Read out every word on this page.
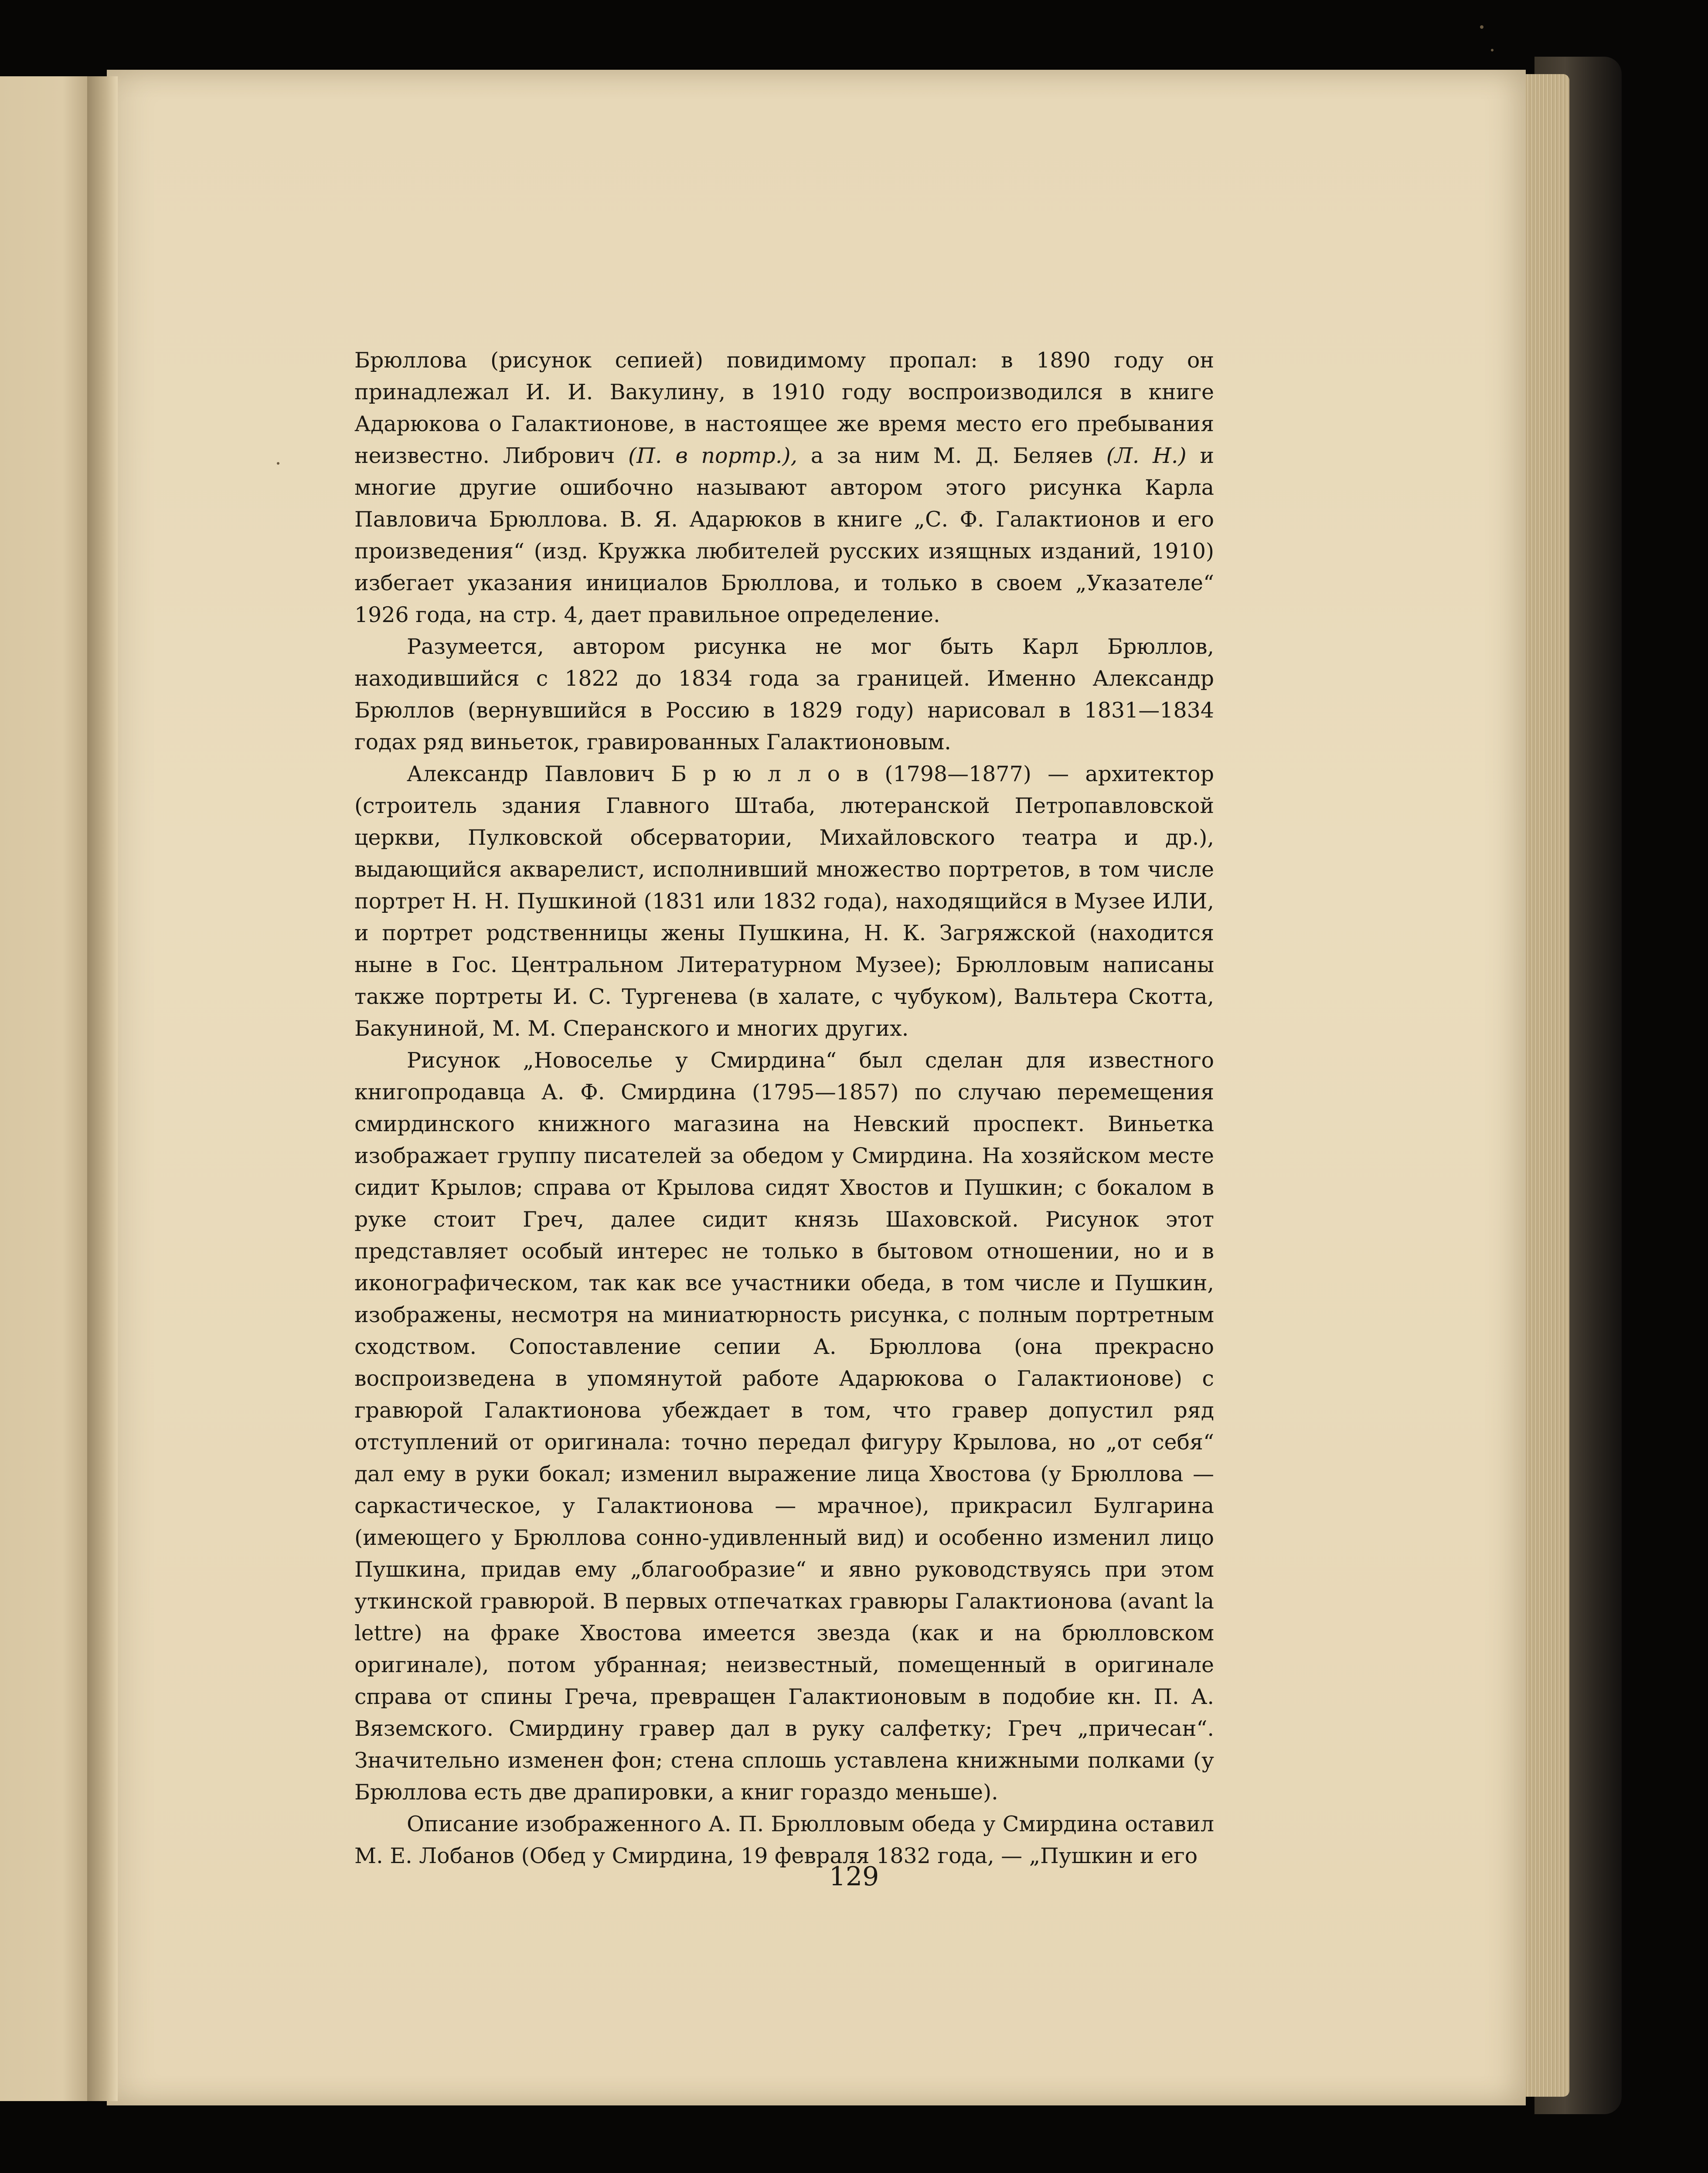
Брюллова (рисунок сепией) повидимому пропал: в 1890 году он принадлежал И. И. Вакулину, в 1910 году воспроизводился в книге Адарюкова о Галактионове, в настоящее же время место его пребывания неизвестно. Либрович (П. в портр.), а за ним М. Д. Беляев (Л. Н.) и многие другие ошибочно называют автором этого рисунка Карла Павловича Брюллова. В. Я. Адарюков в книге „С. Ф. Галактионов и его произведения“ (изд. Кружка любителей русских изящных изданий, 1910) избегает указания инициалов Брюллова, и только в своем „Указателе“ 1926 года, на стр. 4, дает правильное определение.

Разумеется, автором рисунка не мог быть Карл Брюллов, находившийся с 1822 до 1834 года за границей. Именно Александр Брюллов (вернувшийся в Россию в 1829 году) нарисовал в 1831—1834 годах ряд виньеток, гравированных Галактионовым.

Александр Павлович Б р ю л л о в (1798—1877) — архитектор (строитель здания Главного Штаба, лютеранской Петропавловской церкви, Пулковской обсерватории, Михайловского театра и др.), выдающийся акварелист, исполнивший множество портретов, в том числе портрет Н. Н. Пушкиной (1831 или 1832 года), находящийся в Музее ИЛИ, и портрет родственницы жены Пушкина, Н. К. Загряжской (находится ныне в Гос. Центральном Литературном Музее); Брюлловым написаны также портреты И. С. Тургенева (в халате, с чубуком), Вальтера Скотта, Бакуниной, М. М. Сперанского и многих других.

Рисунок „Новоселье у Смирдина“ был сделан для известного книгопродавца А. Ф. Смирдина (1795—1857) по случаю перемещения смирдинского книжного магазина на Невский проспект. Виньетка изображает группу писателей за обедом у Смирдина. На хозяйском месте сидит Крылов; справа от Крылова сидят Хвостов и Пушкин; с бокалом в руке стоит Греч, далее сидит князь Шаховской. Рисунок этот представляет особый интерес не только в бытовом отношении, но и в иконографическом, так как все участники обеда, в том числе и Пушкин, изображены, несмотря на миниатюрность рисунка, с полным портретным сходством. Сопоставление сепии А. Брюллова (она прекрасно воспроизведена в упомянутой работе Адарюкова о Галактионове) с гравюрой Галактионова убеждает в том, что гравер допустил ряд отступлений от оригинала: точно передал фигуру Крылова, но „от себя“ дал ему в руки бокал; изменил выражение лица Хвостова (у Брюллова — саркастическое, у Галактионова — мрачное), прикрасил Булгарина (имеющего у Брюллова сонно-удивленный вид) и особенно изменил лицо Пушкина, придав ему „благообразие“ и явно руководствуясь при этом уткинской гравюрой. В первых отпечатках гравюры Галактионова (avant la lettre) на фраке Хвостова имеется звезда (как и на брюлловском оригинале), потом убранная; неизвестный, помещенный в оригинале справа от спины Греча, превращен Галактионовым в подобие кн. П. А. Вяземского. Смирдину гравер дал в руку салфетку; Греч „причесан“. Значительно изменен фон; стена сплошь уставлена книжными полками (у Брюллова есть две драпировки, а книг гораздо меньше).

Описание изображенного А. П. Брюлловым обеда у Смирдина оставил М. Е. Лобанов (Обед у Смирдина, 19 февраля 1832 года, — „Пушкин и его

129
